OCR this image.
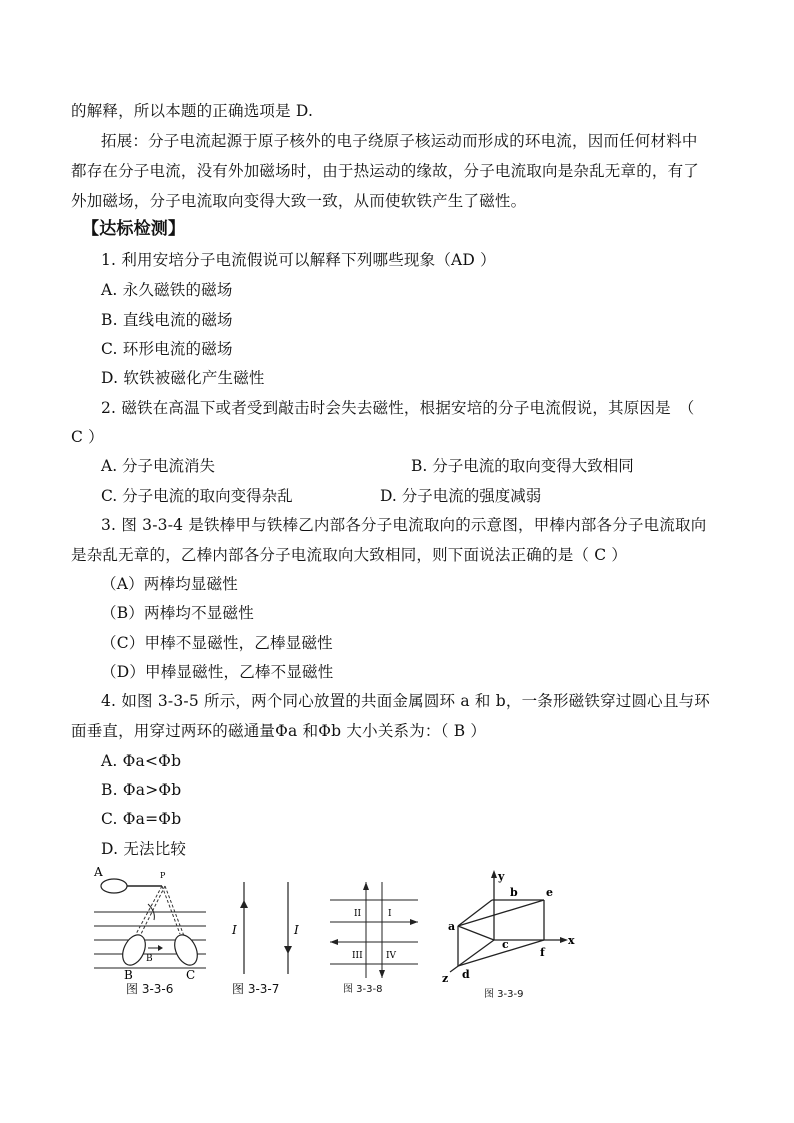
的解释，所以本题的正确选项是 D.
拓展：分子电流起源于原子核外的电子绕原子核运动而形成的环电流，因而任何材料中
都存在分子电流，没有外加磁场时，由于热运动的缘故，分子电流取向是杂乱无章的，有了
外加磁场，分子电流取向变得大致一致，从而使软铁产生了磁性。
【达标检测】
1. 利用安培分子电流假说可以解释下列哪些现象（AD ）
A. 永久磁铁的磁场
B. 直线电流的磁场
C. 环形电流的磁场
D. 软铁被磁化产生磁性
2. 磁铁在高温下或者受到敲击时会失去磁性，根据安培的分子电流假说，其原因是　（
C ）
A. 分子电流消失	B. 分子电流的取向变得大致相同
C. 分子电流的取向变得杂乱	D. 分子电流的强度减弱
3. 图 3-3-4 是铁棒甲与铁棒乙内部各分子电流取向的示意图，甲棒内部各分子电流取向
是杂乱无章的，乙棒内部各分子电流取向大致相同，则下面说法正确的是（ C ）
（A）两棒均显磁性
（B）两棒均不显磁性
（C）甲棒不显磁性，乙棒显磁性
（D）甲棒显磁性，乙棒不显磁性
4. 如图 3-3-5 所示，两个同心放置的共面金属圆环 a 和 b，一条形磁铁穿过圆心且与环
面垂直，用穿过两环的磁通量Φa 和Φb 大小关系为：（ B ）
A. Φa<Φb
B. Φa>Φb
C. Φa=Φb
D. 无法比较
A	P
B
B	C
图 3-3-6
I	I
图 3-3-7
II	I
III	IV
图 3-3-8
y
x
z
a
b
c
d
e
f
图 3-3-9
